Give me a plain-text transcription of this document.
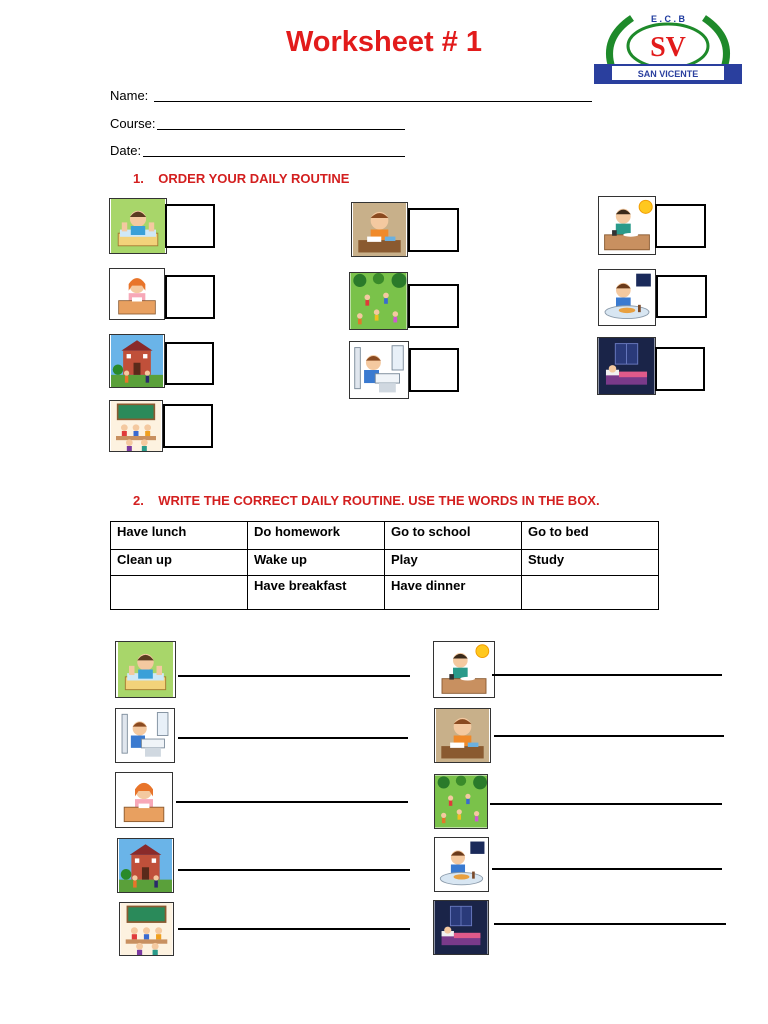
Worksheet # 1
E . C . B
SV
SAN VICENTE
Name:
Course:
Date:
1.    ORDER YOUR DAILY ROUTINE
2.    WRITE THE CORRECT DAILY ROUTINE. USE THE WORDS IN THE BOX.
Have lunch	Do homework	Go to school	Go to bed
Clean up	Wake up	Play	Study
	Have breakfast	Have dinner	
